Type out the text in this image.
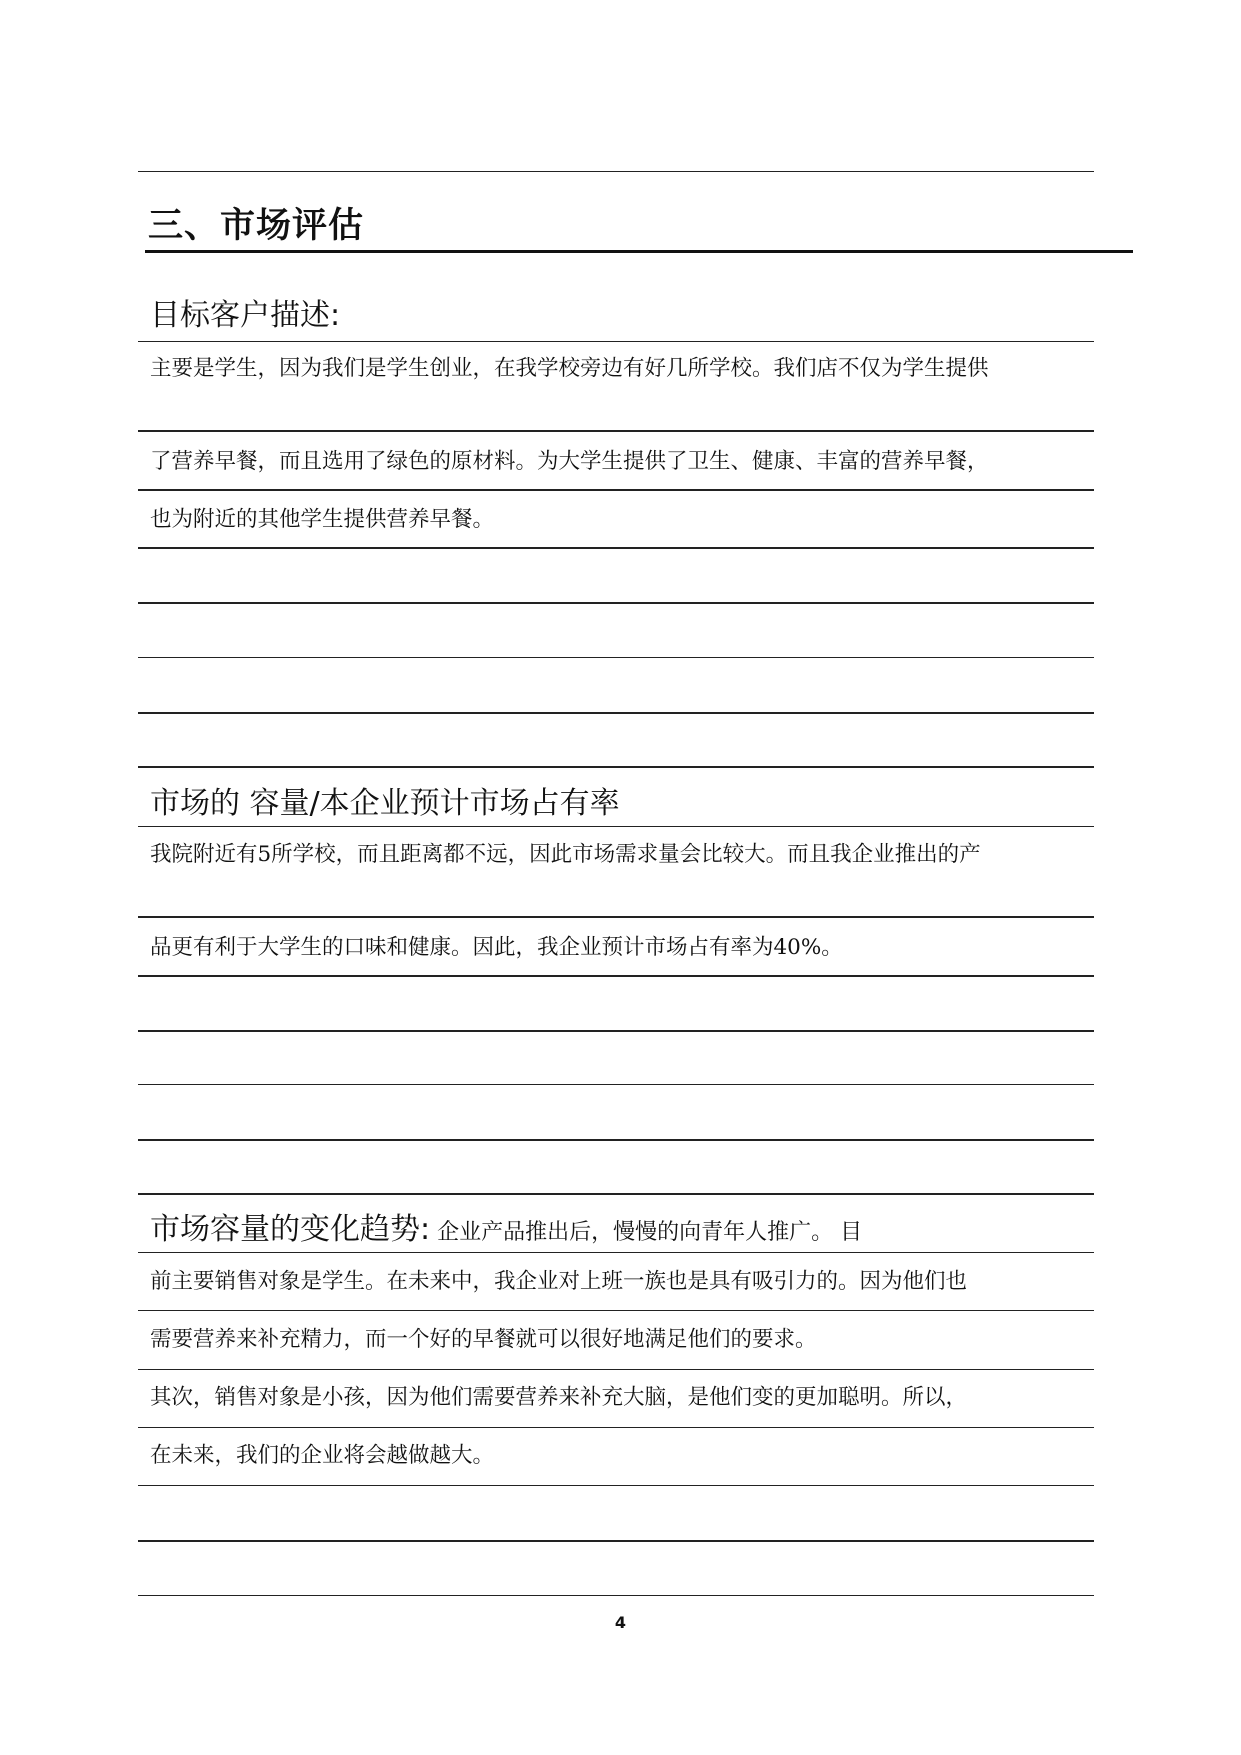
三、市场评估
目标客户描述:
主要是学生，因为我们是学生创业，在我学校旁边有好几所学校。我们店不仅为学生提供
了营养早餐，而且选用了绿色的原材料。为大学生提供了卫生、健康、丰富的营养早餐，
也为附近的其他学生提供营养早餐。
市场的 容量/本企业预计市场占有率
我院附近有5所学校，而且距离都不远，因此市场需求量会比较大。而且我企业推出的产
品更有利于大学生的口味和健康。因此，我企业预计市场占有率为40%。
市场容量的变化趋势: 企业产品推出后，慢慢的向青年人推广。 目
前主要销售对象是学生。在未来中，我企业对上班一族也是具有吸引力的。因为他们也
需要营养来补充精力，而一个好的早餐就可以很好地满足他们的要求。
其次，销售对象是小孩，因为他们需要营养来补充大脑，是他们变的更加聪明。所以，
在未来，我们的企业将会越做越大。
4
